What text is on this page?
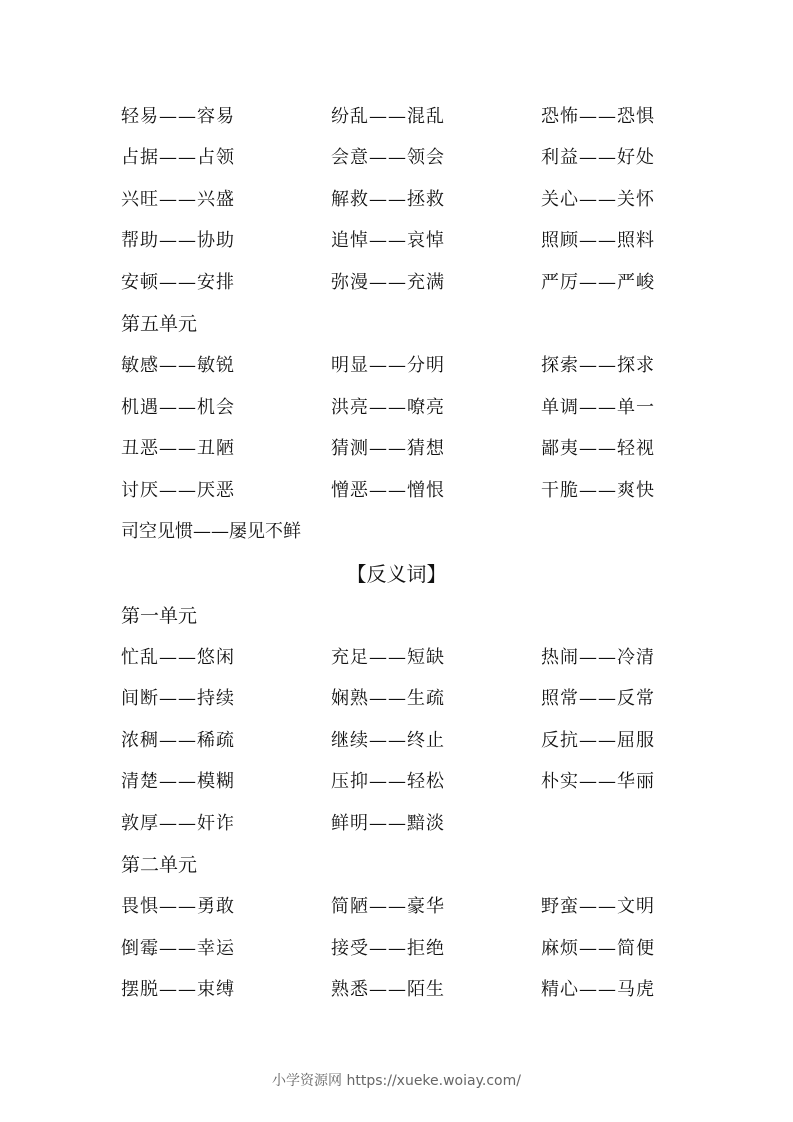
轻易——容易	纷乱——混乱	恐怖——恐惧
占据——占领	会意——领会	利益——好处
兴旺——兴盛	解救——拯救	关心——关怀
帮助——协助	追悼——哀悼	照顾——照料
安顿——安排	弥漫——充满	严厉——严峻
第五单元
敏感——敏锐	明显——分明	探索——探求
机遇——机会	洪亮——嘹亮	单调——单一
丑恶——丑陋	猜测——猜想	鄙夷——轻视
讨厌——厌恶	憎恶——憎恨	干脆——爽快
司空见惯——屡见不鲜
【反义词】
第一单元
忙乱——悠闲	充足——短缺	热闹——冷清
间断——持续	娴熟——生疏	照常——反常
浓稠——稀疏	继续——终止	反抗——屈服
清楚——模糊	压抑——轻松	朴实——华丽
敦厚——奸诈	鲜明——黯淡
第二单元
畏惧——勇敢	简陋——豪华	野蛮——文明
倒霉——幸运	接受——拒绝	麻烦——简便
摆脱——束缚	熟悉——陌生	精心——马虎
小学资源网 https://xueke.woiay.com/
